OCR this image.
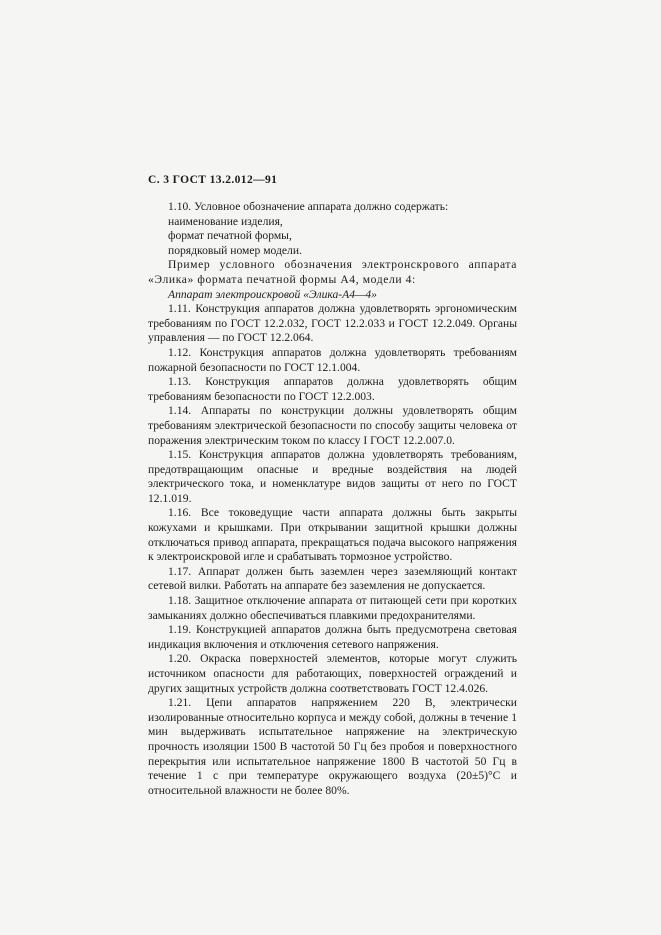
С. 3 ГОСТ 13.2.012—91

1.10. Условное обозначение аппарата должно содержать:

наименование изделия,

формат печатной формы,

порядковый номер модели.

Пример условного обозначения электронскрового аппарата «Элика» формата печатной формы А4, модели 4:

Аппарат электроискровой «Элика-А4—4»

1.11. Конструкция аппаратов должна удовлетворять эргономическим требованиям по ГОСТ 12.2.032, ГОСТ 12.2.033 и ГОСТ 12.2.049. Органы управления — по ГОСТ 12.2.064.

1.12. Конструкция аппаратов должна удовлетворять требованиям пожарной безопасности по ГОСТ 12.1.004.

1.13. Конструкция аппаратов должна удовлетворять общим требованиям безопасности по ГОСТ 12.2.003.

1.14. Аппараты по конструкции должны удовлетворять общим требованиям электрической безопасности по способу защиты человека от поражения электрическим током по классу I ГОСТ 12.2.007.0.

1.15. Конструкция аппаратов должна удовлетворять требованиям, предотвращающим опасные и вредные воздействия на людей электрического тока, и номенклатуре видов защиты от него по ГОСТ 12.1.019.

1.16. Все токоведущие части аппарата должны быть закрыты кожухами и крышками. При открывании защитной крышки должны отключаться привод аппарата, прекращаться подача высокого напряжения к электроискровой игле и срабатывать тормозное устройство.

1.17. Аппарат должен быть заземлен через заземляющий контакт сетевой вилки. Работать на аппарате без заземления не допускается.

1.18. Защитное отключение аппарата от питающей сети при коротких замыканиях должно обеспечиваться плавкими предохранителями.

1.19. Конструкцией аппаратов должна быть предусмотрена световая индикация включения и отключения сетевого напряжения.

1.20. Окраска поверхностей элементов, которые могут служить источником опасности для работающих, поверхностей ограждений и других защитных устройств должна соответствовать ГОСТ 12.4.026.

1.21. Цепи аппаратов напряжением 220 В, электрически изолированные относительно корпуса и между собой, должны в течение 1 мин выдерживать испытательное напряжение на электрическую прочность изоляции 1500 В частотой 50 Гц без пробоя и поверхностного перекрытия или испытательное напряжение 1800 В частотой 50 Гц в течение 1 с при температуре окружающего воздуха (20±5)°С и относительной влажности не более 80%.
